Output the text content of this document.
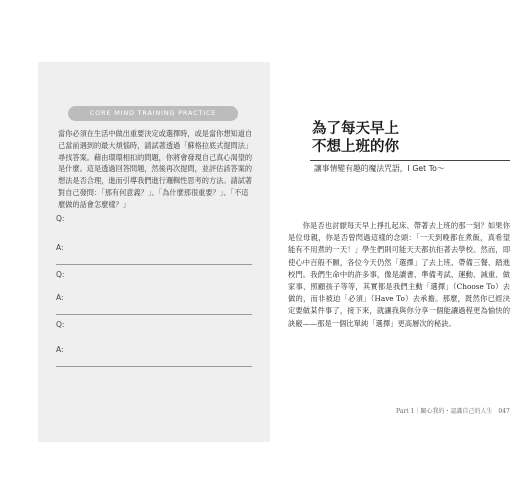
CORE MIND TRAINING PRACTICE

當你必須在生活中做出重要決定或選擇時，或是當你想知道自己當前遇到的最大煩惱時，請試著透過「蘇格拉底式提問法」尋找答案。藉由環環相扣的問題，你將會發現自己真心渴望的是什麼。這是透過回答問題，然後再次提問，並評估該答案的想法是否合理，進而引導我們進行邏輯性思考的方法。請試著對自己發問：「那有何意義？」、「為什麼那很重要？」、「不這麼做的話會怎麼樣？」

Q:
A:
Q:
A:
Q:
A:
為了每天早上
不想上班的你
讓事情變有趣的魔法咒語，I Get To～

你是否也討厭每天早上掙扎起床、帶著去上班的那一刻？如果你是位母親，你是否曾閃過這樣的念頭：「一天到晚都在煮飯，真希望能有不用煮的一天！」學生們則可能天天都抗拒著去學校。然而，即使心中百般不願，各位今天仍然「選擇」了去上班、帶備三餐、踏進校門。我們生命中的許多事，像是讀書、準備考試、運動、減重、做家事、照顧孩子等等，其實都是我們主動「選擇」（Choose To）去做的，而非被迫「必須」（Have To）去承擔。那麼，既然你已經決定要做某件事了，接下來，就讓我與你分享一個能讓過程更為愉快的訣竅——那是一個比單純「選擇」更高層次的秘訣。

Part 1｜關心我的・認識自己的人生　047
